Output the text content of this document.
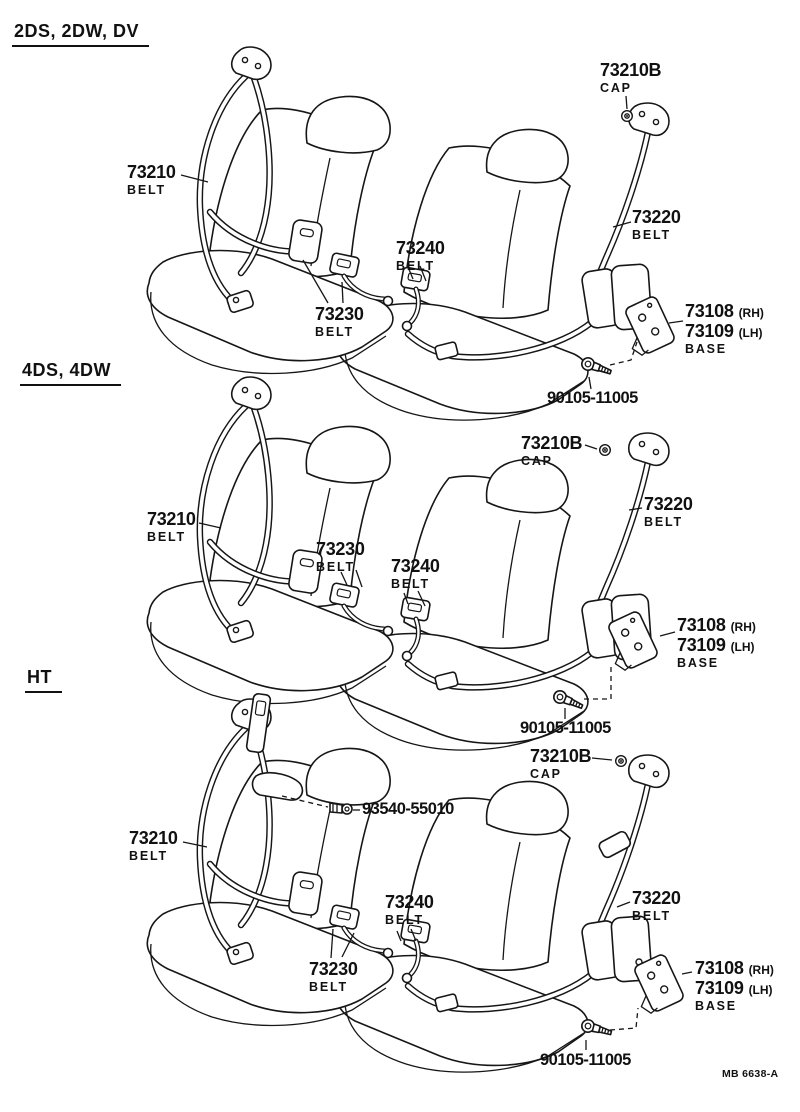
2DS, 2DW, DV
73210B
CAP
73210
BELT
73220
BELT
73240
BELT
73230
BELT
73108 (RH)
73109 (LH)
BASE
90105-11005
4DS, 4DW
73210B
CAP
73210
BELT
73220
BELT
73230
BELT	73240
BELT
73108 (RH)
73109 (LH)
BASE
90105-11005
HT
73210B
CAP
93540-55010
73210
BELT
73220
BELT
73240
BELT
73230
BELT
73108 (RH)
73109 (LH)
BASE
90105-11005
MB 6638-A
